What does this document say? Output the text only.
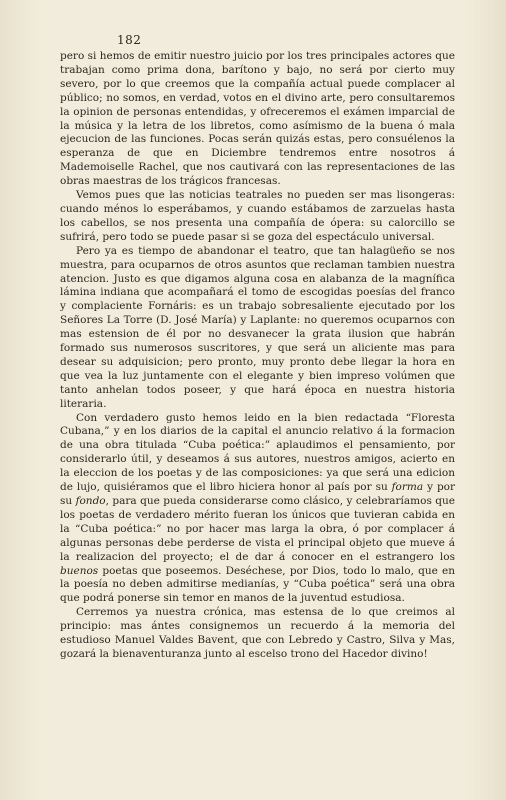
182

pero si hemos de emitir nuestro juicio por los tres principales actores que trabajan como prima dona, barítono y bajo, no será por cierto muy severo, por lo que creemos que la compañía actual puede complacer al público; no somos, en verdad, votos en el divino arte, pero consultaremos la opinion de personas entendidas, y ofreceremos el exámen imparcial de la música y la letra de los libretos, como asímismo de la buena ó mala ejecucion de las funciones. Pocas serán quizás estas, pero consuélenos la esperanza de que en Diciembre tendremos entre nosotros á Mademoiselle Rachel, que nos cautivará con las representaciones de las obras maestras de los trágicos francesas.

Vemos pues que las noticias teatrales no pueden ser mas lisongeras: cuando ménos lo esperábamos, y cuando estábamos de zarzuelas hasta los cabellos, se nos presenta una compañía de ópera: su calorcillo se sufrirá, pero todo se puede pasar si se goza del espectáculo universal.

Pero ya es tiempo de abandonar el teatro, que tan halagüeño se nos muestra, para ocuparnos de otros asuntos que reclaman tambien nuestra atencion. Justo es que digamos alguna cosa en alabanza de la magnífica lámina indiana que acompañará el tomo de escogidas poesías del franco y complaciente Fornáris: es un trabajo sobresaliente ejecutado por los Señores La Torre (D. José María) y Laplante: no queremos ocuparnos con mas estension de él por no desvanecer la grata ilusion que habrán formado sus numerosos suscritores, y que será un aliciente mas para desear su adquisicion; pero pronto, muy pronto debe llegar la hora en que vea la luz juntamente con el elegante y bien impreso volúmen que tanto anhelan todos poseer, y que hará época en nuestra historia literaria.

Con verdadero gusto hemos leido en la bien redactada “Floresta Cubana,” y en los diarios de la capital el anuncio relativo á la formacion de una obra titulada “Cuba poética:” aplaudimos el pensamiento, por considerarlo útil, y deseamos á sus autores, nuestros amigos, acierto en la eleccion de los poetas y de las composiciones: ya que será una edicion de lujo, quisiéramos que el libro hiciera honor al país por su forma y por su fondo, para que pueda considerarse como clásico, y celebraríamos que los poetas de verdadero mérito fueran los únicos que tuvieran cabida en la “Cuba poética:” no por hacer mas larga la obra, ó por complacer á algunas personas debe perderse de vista el principal objeto que mueve á la realizacion del proyecto; el de dar á conocer en el estrangero los buenos poetas que poseemos. Deséchese, por Dios, todo lo malo, que en la poesía no deben admitirse medianías, y “Cuba poética” será una obra que podrá ponerse sin temor en manos de la juventud estudiosa.

Cerremos ya nuestra crónica, mas estensa de lo que creimos al principio: mas ántes consignemos un recuerdo á la memoria del estudioso Manuel Valdes Bavent, que con Lebredo y Castro, Silva y Mas, gozará la bienaventuranza junto al escelso trono del Hacedor divino!
